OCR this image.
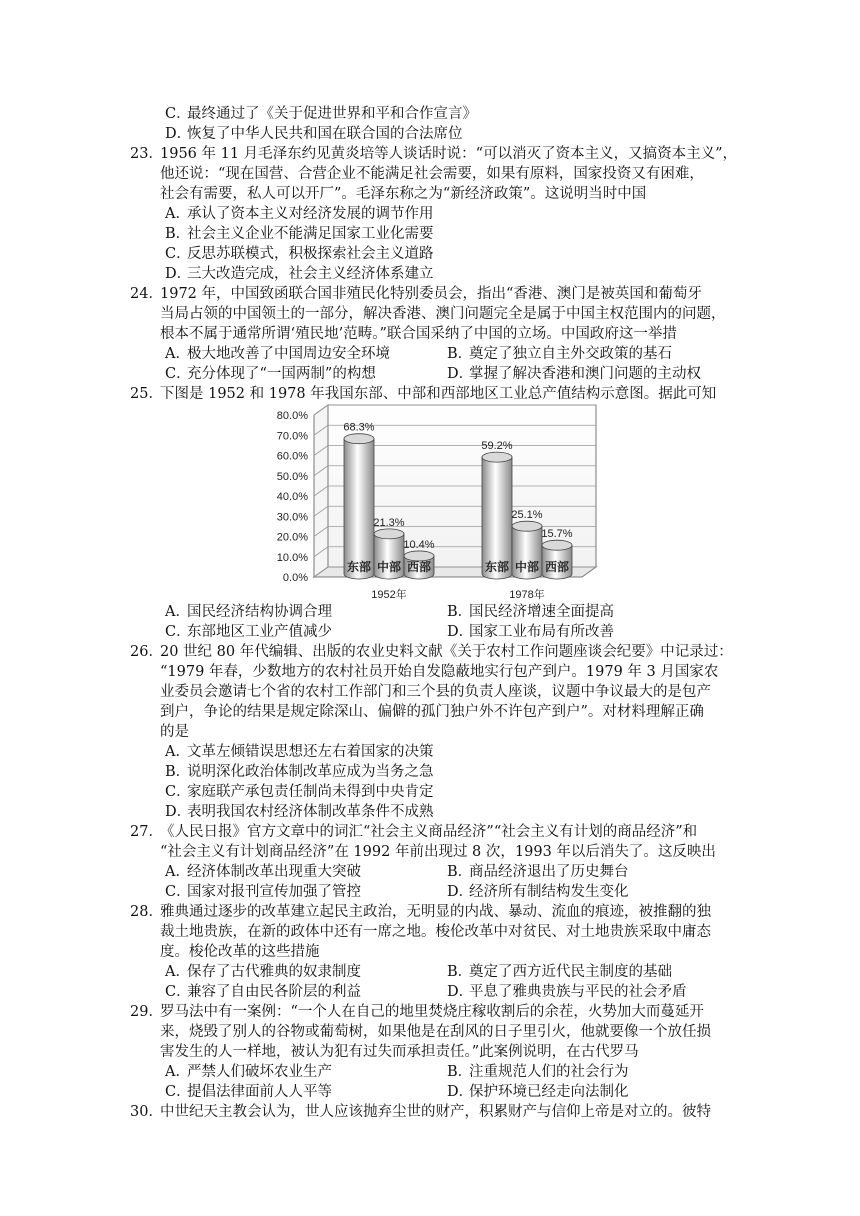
C．最终通过了《关于促进世界和平和合作宣言》
D．恢复了中华人民共和国在联合国的合法席位
23．
1956 年 11 月毛泽东约见黄炎培等人谈话时说：“可以消灭了资本主义，又搞资本主义”，
他还说：“现在国营、合营企业不能满足社会需要，如果有原料，国家投资又有困难，
社会有需要，私人可以开厂”。毛泽东称之为“新经济政策”。这说明当时中国
A．承认了资本主义对经济发展的调节作用
B．社会主义企业不能满足国家工业化需要
C．反思苏联模式，积极探索社会主义道路
D．三大改造完成，社会主义经济体系建立
24．
1972 年，中国致函联合国非殖民化特别委员会，指出“香港、澳门是被英国和葡萄牙
当局占领的中国领土的一部分，解决香港、澳门问题完全是属于中国主权范围内的问题，
根本不属于通常所谓‘殖民地’范畴。”联合国采纳了中国的立场。中国政府这一举措
A．极大地改善了中国周边安全环境	B．奠定了独立自主外交政策的基石
C．充分体现了“一国两制”的构想	D．掌握了解决香港和澳门问题的主动权
25．
下图是 1952 和 1978 年我国东部、中部和西部地区工业总产值结构示意图。据此可知
0.0%
10.0%
20.0%
30.0%
40.0%
50.0%
60.0%
70.0%
80.0%
68.3%
东部
21.3%
中部
10.4%
西部
1952年
59.2%
东部
25.1%
中部
15.7%
西部
1978年
A．国民经济结构协调合理	B．国民经济增速全面提高
C．东部地区工业产值减少	D．国家工业布局有所改善
26．
20 世纪 80 年代编辑、出版的农业史料文献《关于农村工作问题座谈会纪要》中记录过：
“1979 年春，少数地方的农村社员开始自发隐蔽地实行包产到户。1979 年 3 月国家农
业委员会邀请七个省的农村工作部门和三个县的负责人座谈，议题中争议最大的是包产
到户，争论的结果是规定除深山、偏僻的孤门独户外不许包产到户”。对材料理解正确
的是
A．文革左倾错误思想还左右着国家的决策
B．说明深化政治体制改革应成为当务之急
C．家庭联产承包责任制尚未得到中央肯定
D．表明我国农村经济体制改革条件不成熟
27．
《人民日报》官方文章中的词汇“社会主义商品经济”“社会主义有计划的商品经济”和
“社会主义有计划商品经济”在 1992 年前出现过 8 次，1993 年以后消失了。这反映出
A．经济体制改革出现重大突破	B．商品经济退出了历史舞台
C．国家对报刊宣传加强了管控	D．经济所有制结构发生变化
28．
雅典通过逐步的改革建立起民主政治，无明显的内战、暴动、流血的痕迹，被推翻的独
裁土地贵族，在新的政体中还有一席之地。梭伦改革中对贫民、对土地贵族采取中庸态
度。梭伦改革的这些措施
A．保存了古代雅典的奴隶制度	B．奠定了西方近代民主制度的基础
C．兼容了自由民各阶层的利益	D．平息了雅典贵族与平民的社会矛盾
29．
罗马法中有一案例：“一个人在自己的地里焚烧庄稼收割后的余茬，火势加大而蔓延开
来，烧毁了别人的谷物或葡萄树，如果他是在刮风的日子里引火，他就要像一个放任损
害发生的人一样地，被认为犯有过失而承担责任。”此案例说明，在古代罗马
A．严禁人们破坏农业生产	B．注重规范人们的社会行为
C．提倡法律面前人人平等	D．保护环境已经走向法制化
30．
中世纪天主教会认为，世人应该抛弃尘世的财产，积累财产与信仰上帝是对立的。彼特
